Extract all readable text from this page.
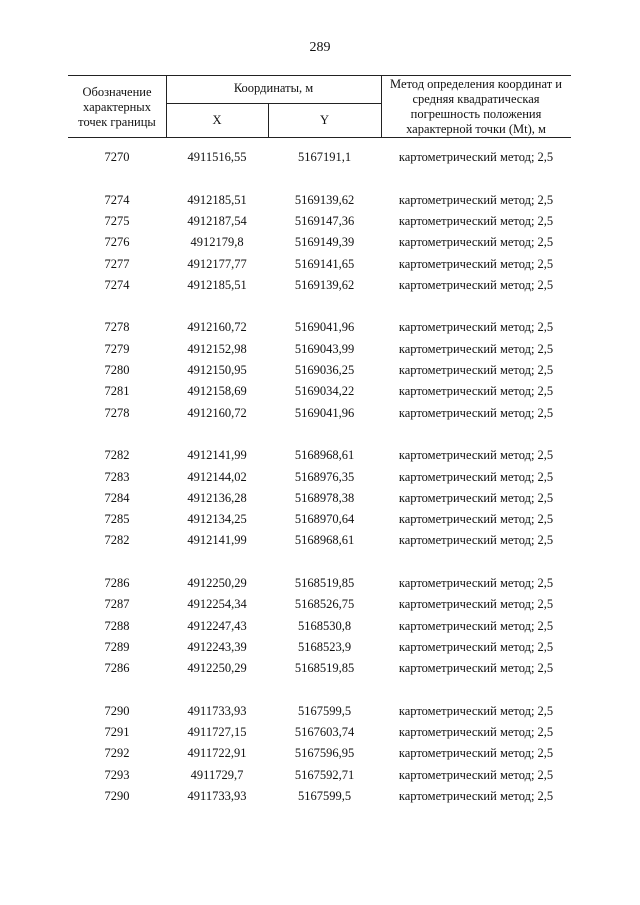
289
Обозначение характерных точек границы
Координаты, м
X	Y
Метод определения координат и средняя квадратическая погрешность положения характерной точки (Mt), м
7270	4911516,55	5167191,1	картометрический метод; 2,5
7274	4912185,51	5169139,62	картометрический метод; 2,5
7275	4912187,54	5169147,36	картометрический метод; 2,5
7276	4912179,8	5169149,39	картометрический метод; 2,5
7277	4912177,77	5169141,65	картометрический метод; 2,5
7274	4912185,51	5169139,62	картометрический метод; 2,5
7278	4912160,72	5169041,96	картометрический метод; 2,5
7279	4912152,98	5169043,99	картометрический метод; 2,5
7280	4912150,95	5169036,25	картометрический метод; 2,5
7281	4912158,69	5169034,22	картометрический метод; 2,5
7278	4912160,72	5169041,96	картометрический метод; 2,5
7282	4912141,99	5168968,61	картометрический метод; 2,5
7283	4912144,02	5168976,35	картометрический метод; 2,5
7284	4912136,28	5168978,38	картометрический метод; 2,5
7285	4912134,25	5168970,64	картометрический метод; 2,5
7282	4912141,99	5168968,61	картометрический метод; 2,5
7286	4912250,29	5168519,85	картометрический метод; 2,5
7287	4912254,34	5168526,75	картометрический метод; 2,5
7288	4912247,43	5168530,8	картометрический метод; 2,5
7289	4912243,39	5168523,9	картометрический метод; 2,5
7286	4912250,29	5168519,85	картометрический метод; 2,5
7290	4911733,93	5167599,5	картометрический метод; 2,5
7291	4911727,15	5167603,74	картометрический метод; 2,5
7292	4911722,91	5167596,95	картометрический метод; 2,5
7293	4911729,7	5167592,71	картометрический метод; 2,5
7290	4911733,93	5167599,5	картометрический метод; 2,5
